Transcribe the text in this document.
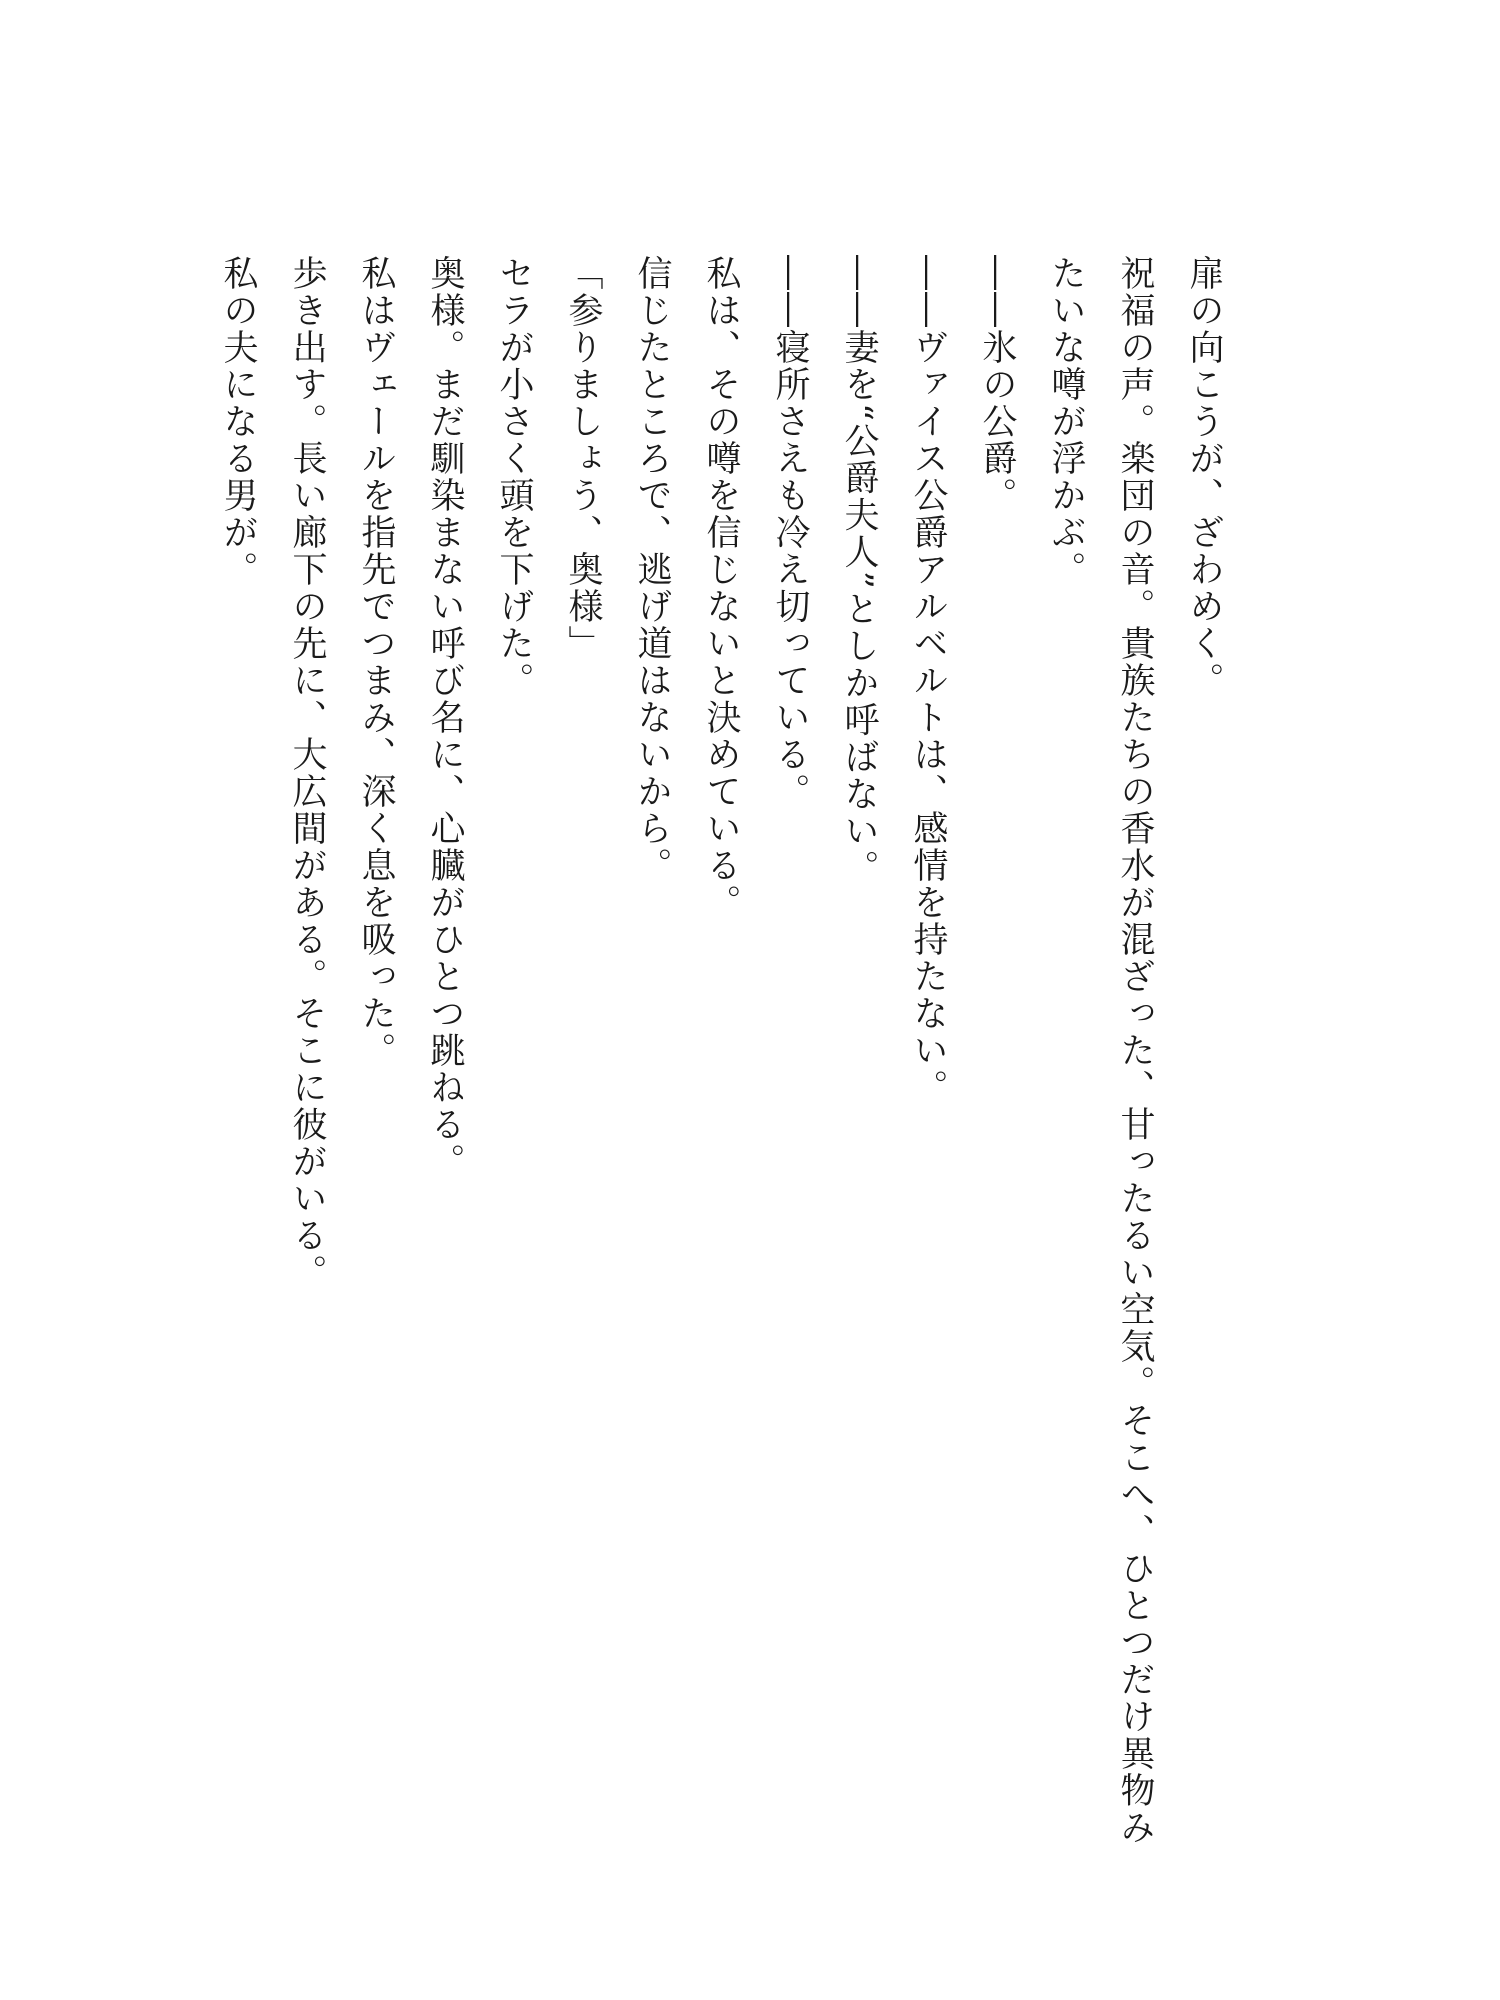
扉の向こうが、ざわめく。

祝福の声。楽団の音。貴族たちの香水が混ざった、甘ったるい空気。そこへ、ひとつだけ異物みたいな噂が浮かぶ。

――氷の公爵。

――ヴァイス公爵アルベルトは、感情を持たない。

――妻を“公爵夫人”としか呼ばない。

――寝所さえも冷え切っている。

私は、その噂を信じないと決めている。

信じたところで、逃げ道はないから。

「参りましょう、奥様」

セラが小さく頭を下げた。

奥様。まだ馴染まない呼び名に、心臓がひとつ跳ねる。

私はヴェールを指先でつまみ、深く息を吸った。

歩き出す。長い廊下の先に、大広間がある。そこに彼がいる。

私の夫になる男が。
